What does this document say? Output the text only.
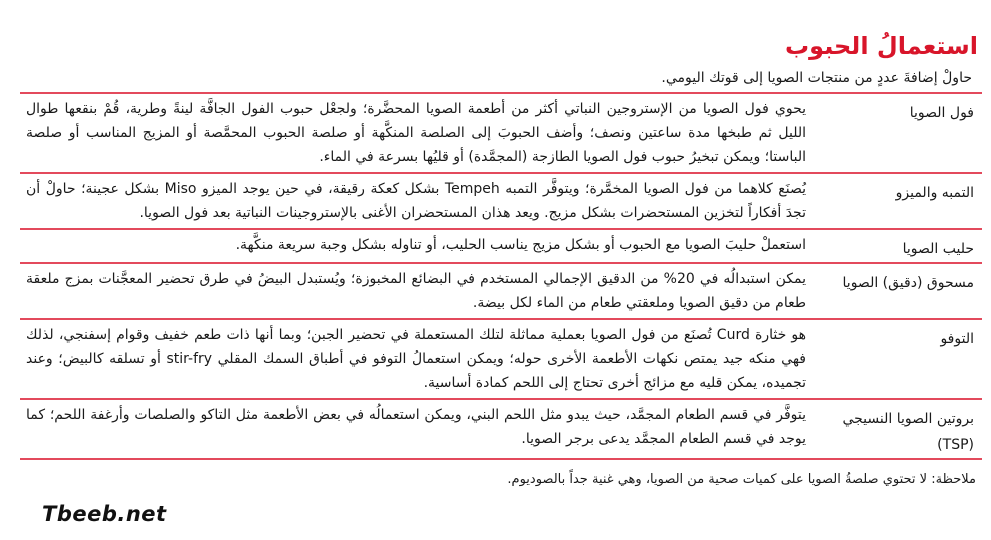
استعمالُ الحبوب
حاولْ إضافةَ عددٍ من منتجات الصويا إلى قوتك اليومي.
فول الصويا
يحوي فول الصويا من الإستروجين النباتي أكثر من أطعمة الصويا المحضَّرة؛ ولجعْل حبوب الفول الجافَّة لينةً وطرية، قُمْ بنقعها طوال الليل ثم طبخها مدة ساعتين ونصف؛ وأضف الحبوبَ إلى الصلصة المنكَّهة أو صلصة الحبوب المحمَّصة أو المزيج المناسب أو صلصة الباستا؛ ويمكن تبخيرُ حبوب فول الصويا الطازجة (المجمَّدة) أو قليُها بسرعة في الماء.
التمبه والميزو
يُصنَع كلاهما من فول الصويا المخمَّرة؛ ويتوفَّر التمبه Tempeh بشكل كعكة رقيقة، في حين يوجد الميزو Miso بشكل عجينة؛ حاولْ أن تجدَ أفكاراً لتخزين المستحضرات بشكل مزيج. ويعد هذان المستحضران الأغنى بالإستروجينات النباتية بعد فول الصويا.
حليب الصويا
استعملْ حليبَ الصويا مع الحبوب أو بشكل مزيج يناسب الحليب، أو تناوله بشكل وجبة سريعة منكَّهة.
مسحوق (دقيق) الصويا
يمكن استبدالُه في 20% من الدقيق الإجمالي المستخدم في البضائع المخبوزة؛ ويُستبدل البيضُ في طرق تحضير المعجَّنات بمزج ملعقة طعام من دقيق الصويا وملعقتي طعام من الماء لكل بيضة.
التوفو
هو خثارة Curd تُصنَع من فول الصويا بعملية مماثلة لتلك المستعملة في تحضير الجبن؛ وبما أنها ذات طعم خفيف وقوام إسفنجي، لذلك فهي منكه جيد يمتص نكهات الأطعمة الأخرى حوله؛ ويمكن استعمالُ التوفو في أطباق السمك المقلي stir-fry أو تسلقه كالبيض؛ وعند تجميده، يمكن قليه مع مزائج أخرى تحتاج إلى اللحم كمادة أساسية.
بروتين الصويا النسيجي (TSP)
يتوفَّر في قسم الطعام المجمَّد، حيث يبدو مثل اللحم البني، ويمكن استعمالُه في بعض الأطعمة مثل التاكو والصلصات وأرغفة اللحم؛ كما يوجد في قسم الطعام المجمَّد يدعى برجر الصويا.
ملاحظة: لا تحتوي صلصةُ الصويا على كميات صحية من الصويا، وهي غنية جداً بالصوديوم.
Tbeeb.net
